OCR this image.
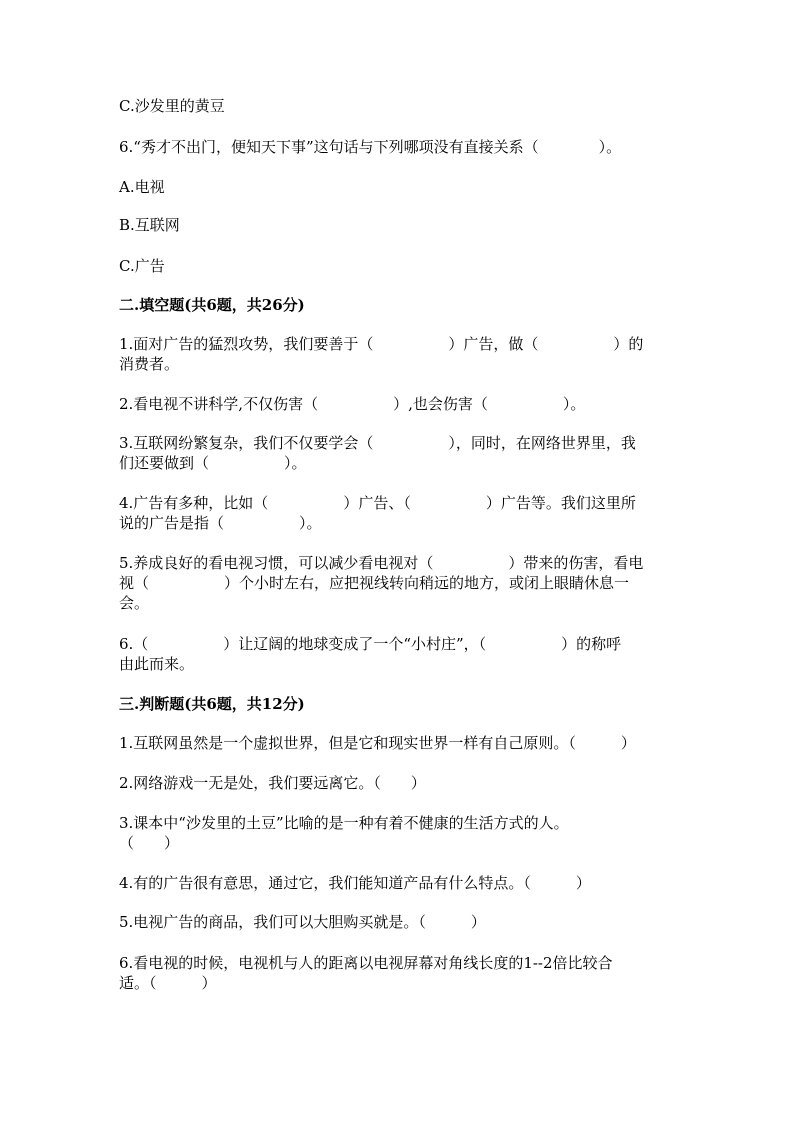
C.沙发里的黄豆
6.“秀才不出门，便知天下事”这句话与下列哪项没有直接关系（　　　　）。
A.电视
B.互联网
C.广告
二.填空题(共6题，共26分)
1.面对广告的猛烈攻势，我们要善于（　　　　　）广告，做（　　　　　）的
消费者。
2.看电视不讲科学,不仅伤害（　　　　　）,也会伤害（　　　　　）。
3.互联网纷繁复杂，我们不仅要学会（　　　　　），同时，在网络世界里，我
们还要做到（　　　　　）。
4.广告有多种，比如（　　　　　）广告、（　　　　　）广告等。我们这里所
说的广告是指（　　　　　）。
5.养成良好的看电视习惯，可以减少看电视对（　　　　　）带来的伤害，看电
视（　　　　　）个小时左右，应把视线转向稍远的地方，或闭上眼睛休息一
会。
6.（　　　　　）让辽阔的地球变成了一个“小村庄”，（　　　　　）的称呼
由此而来。
三.判断题(共6题，共12分)
1.互联网虽然是一个虚拟世界，但是它和现实世界一样有自己原则。（　　　）
2.网络游戏一无是处，我们要远离它。（　　）
3.课本中“沙发里的土豆”比喻的是一种有着不健康的生活方式的人。
（　　）
4.有的广告很有意思，通过它，我们能知道产品有什么特点。（　　　）
5.电视广告的商品，我们可以大胆购买就是。（　　　）
6.看电视的时候，电视机与人的距离以电视屏幕对角线长度的1--2倍比较合
适。（　　　）
